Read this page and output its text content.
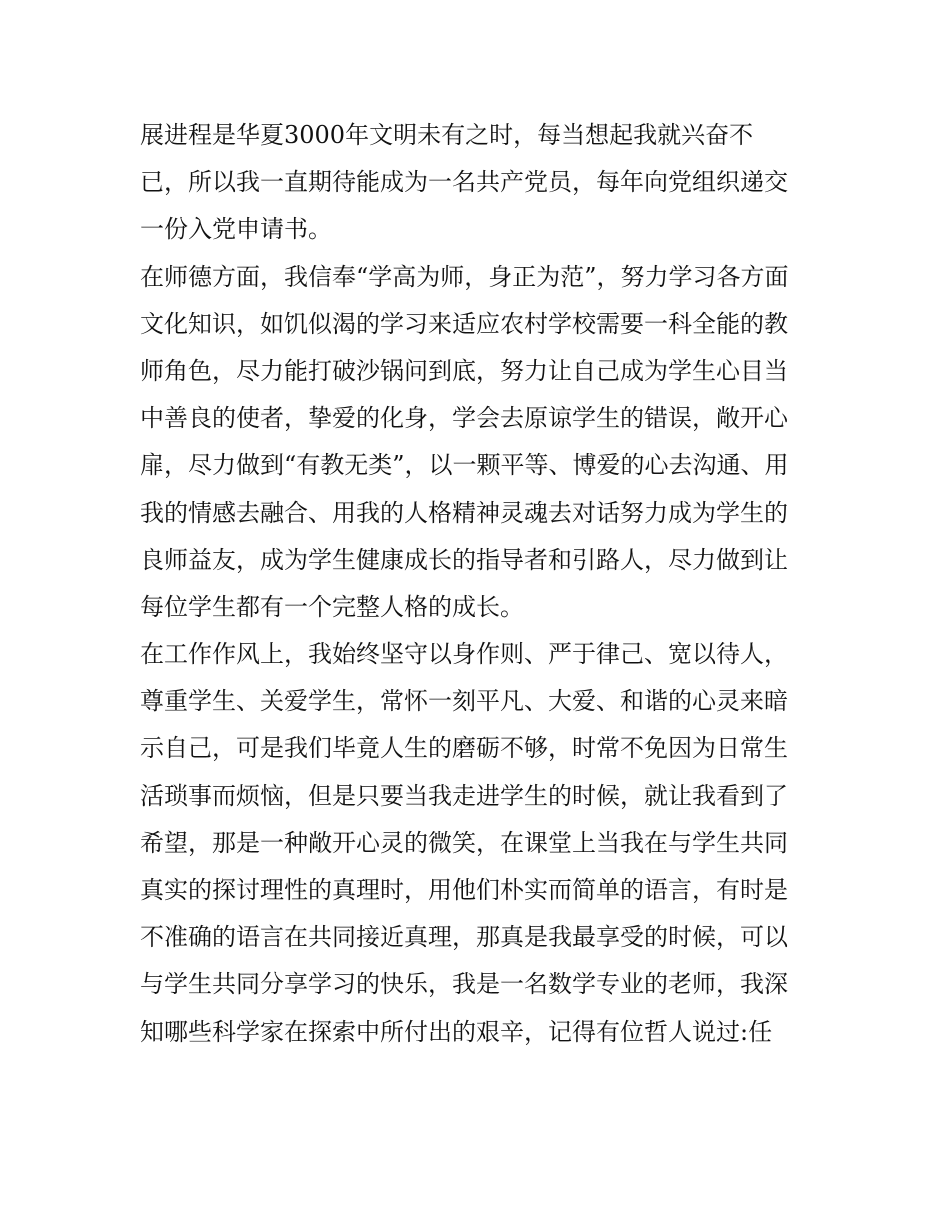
展进程是华夏3000年文明未有之时，每当想起我就兴奋不
已，所以我一直期待能成为一名共产党员，每年向党组织递交
一份入党申请书。
在师德方面，我信奉“学高为师，身正为范”，努力学习各方面
文化知识，如饥似渴的学习来适应农村学校需要一科全能的教
师角色，尽力能打破沙锅问到底，努力让自己成为学生心目当
中善良的使者，挚爱的化身，学会去原谅学生的错误，敞开心
扉，尽力做到“有教无类”，以一颗平等、博爱的心去沟通、用
我的情感去融合、用我的人格精神灵魂去对话努力成为学生的
良师益友，成为学生健康成长的指导者和引路人，尽力做到让
每位学生都有一个完整人格的成长。
在工作作风上，我始终坚守以身作则、严于律己、宽以待人，
尊重学生、关爱学生，常怀一刻平凡、大爱、和谐的心灵来暗
示自己，可是我们毕竟人生的磨砺不够，时常不免因为日常生
活琐事而烦恼，但是只要当我走进学生的时候，就让我看到了
希望，那是一种敞开心灵的微笑，在课堂上当我在与学生共同
真实的探讨理性的真理时，用他们朴实而简单的语言，有时是
不准确的语言在共同接近真理，那真是我最享受的时候，可以
与学生共同分享学习的快乐，我是一名数学专业的老师，我深
知哪些科学家在探索中所付出的艰辛，记得有位哲人说过:任
